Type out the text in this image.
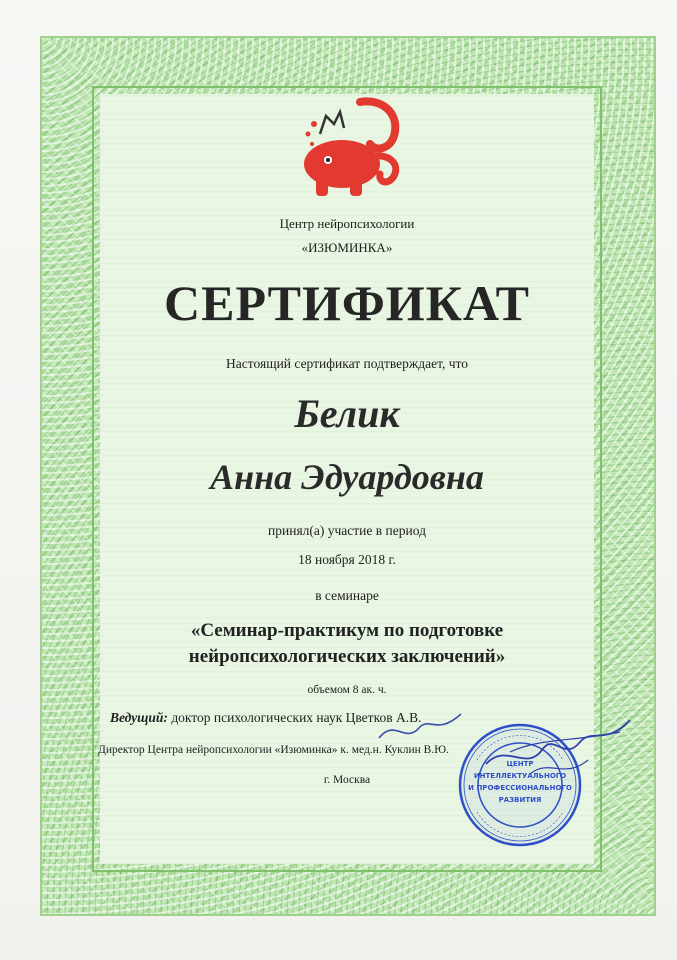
Центр нейропсихологии
«ИЗЮМИНКА»
СЕРТИФИКАТ
Настоящий сертификат подтверждает, что
Белик
Анна Эдуардовна
принял(а) участие в период
18 ноября 2018 г.
в семинаре
«Семинар-практикум по подготовке
нейропсихологических заключений»
объемом 8 ак. ч.
Ведущий: доктор психологических наук Цветков А.В.
Директор Центра нейропсихологии «Изюминка» к. мед.н. Куклин В.Ю.
г. Москва
ЦЕНТР
ИНТЕЛЛЕКТУАЛЬНОГО
И ПРОФЕССИОНАЛЬНОГО
РАЗВИТИЯ
